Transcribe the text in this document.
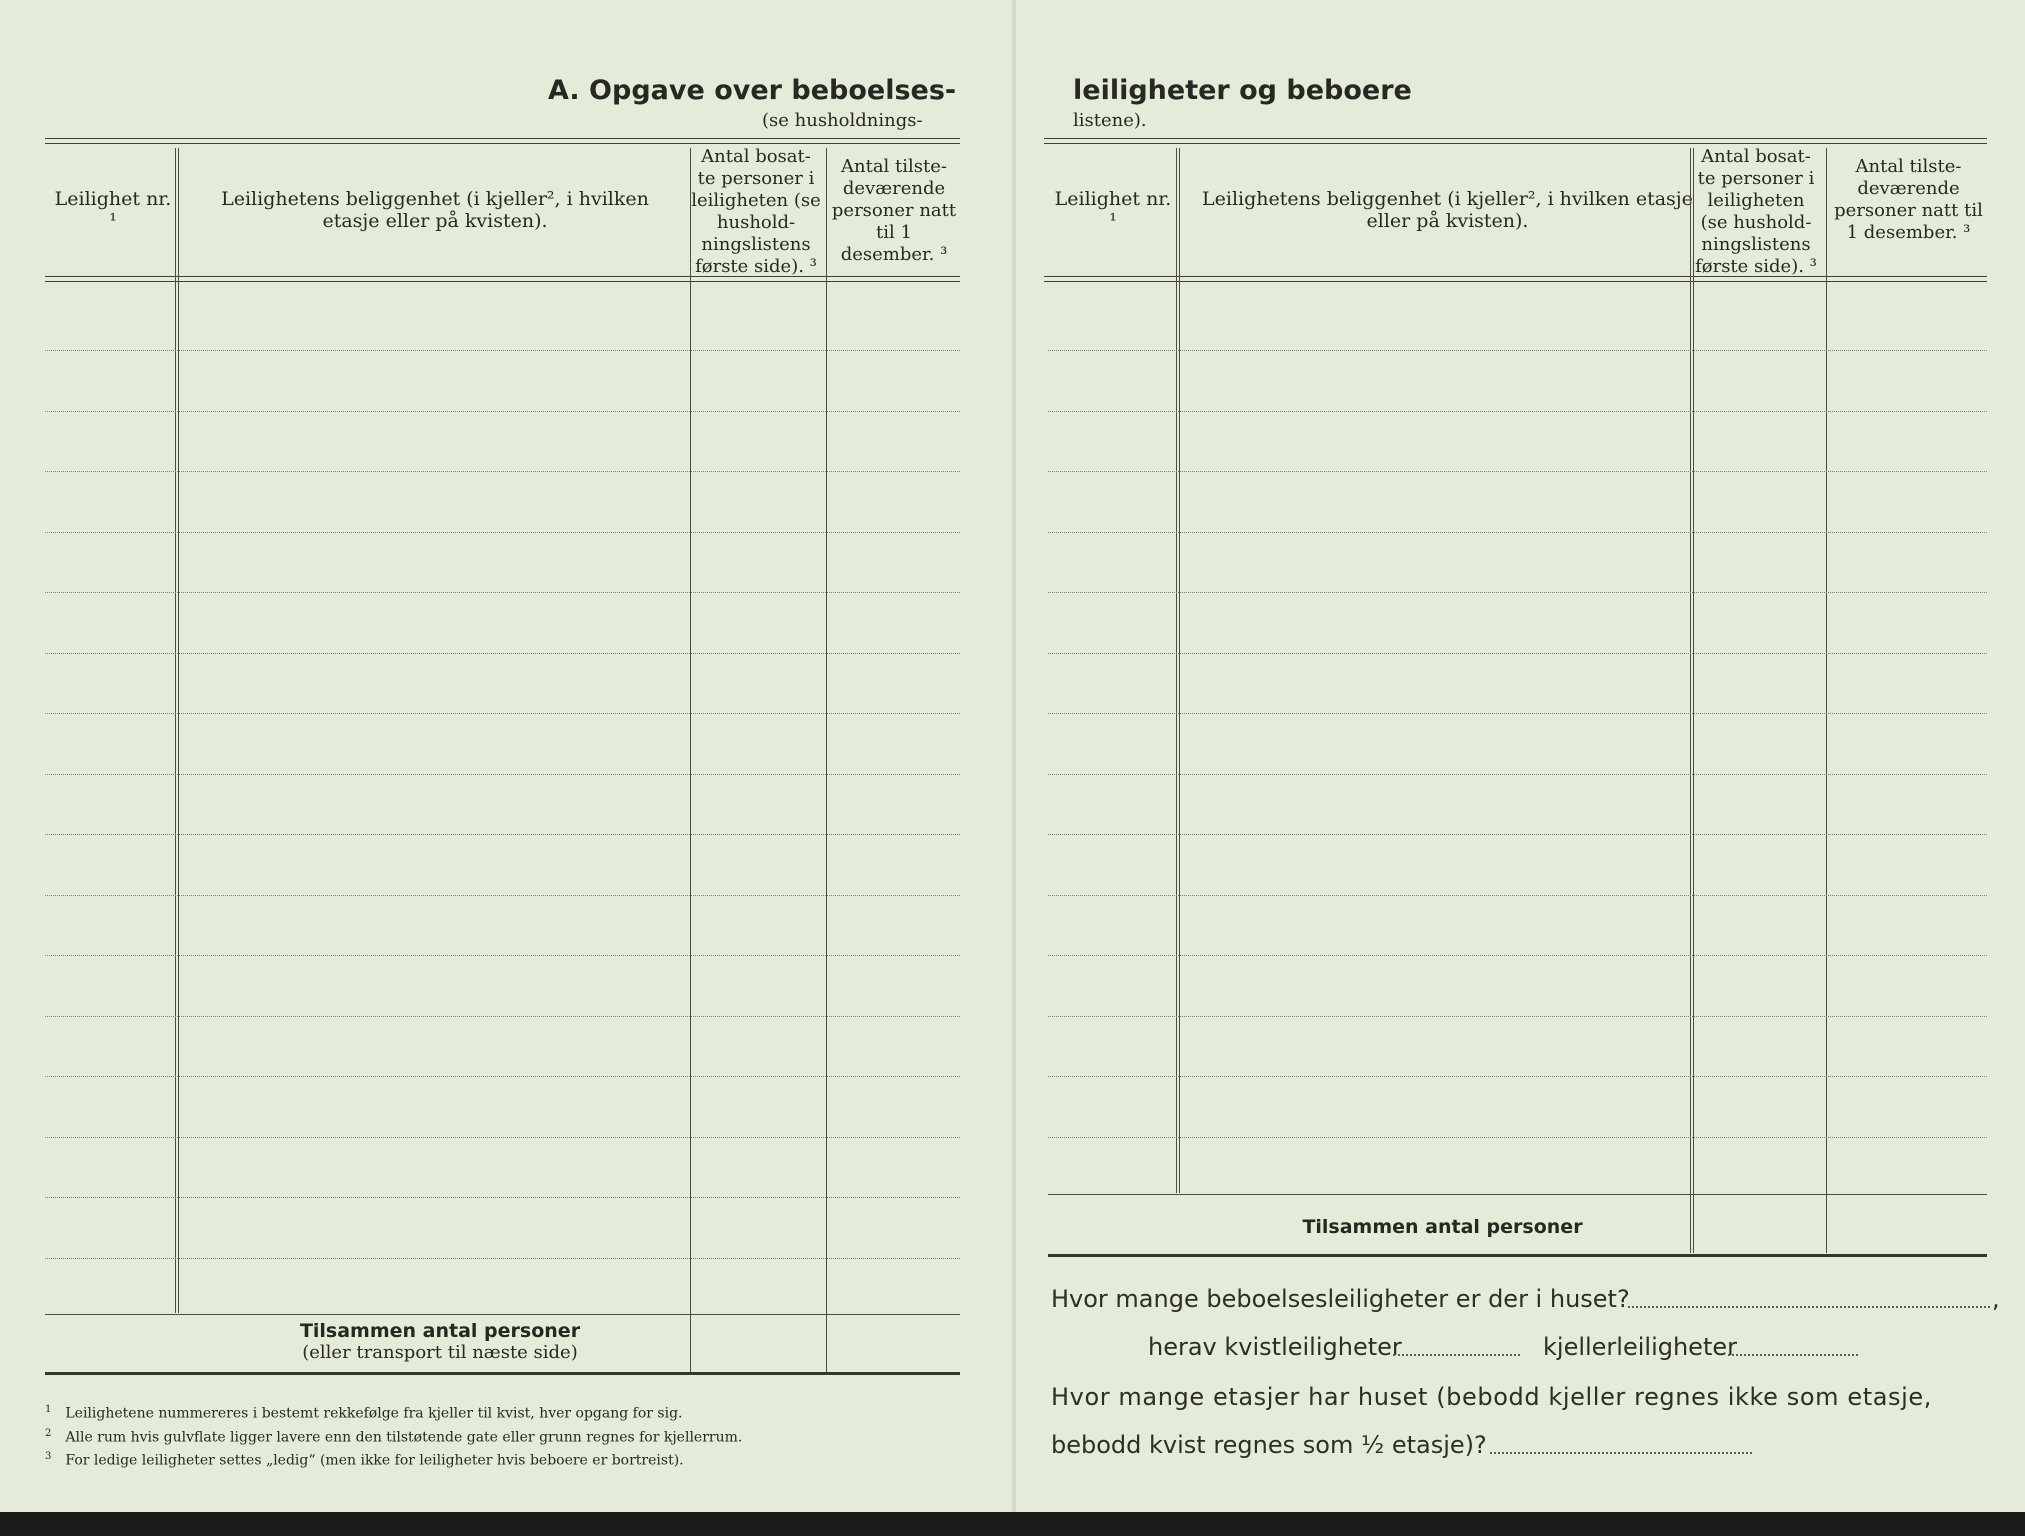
A. Opgave over beboelses-
(se husholdnings-
Leilighet nr. ¹
Leilighetens beliggenhet (i kjeller², i hvilken etasje eller på kvisten).
Antal bosat- te personer i leiligheten (se hushold- ningslistens første side). ³
Antal tilste- deværende personer natt til 1 desember. ³
Tilsammen antal personer
(eller transport til næste side)
$^1$ Leilighetene nummereres i bestemt rekkefølge fra kjeller til kvist, hver opgang for sig.
$^2$ Alle rum hvis gulvflate ligger lavere enn den tilstøtende gate eller grunn regnes for kjellerrum.
$^3$ For ledige leiligheter settes „ledig“ (men ikke for leiligheter hvis beboere er bortreist).
leiligheter og beboere
listene).
Leilighet nr. ¹
Leilighetens beliggenhet (i kjeller², i hvilken etasje eller på kvisten).
Antal bosat- te personer i leiligheten (se hushold- ningslistens første side). ³
Antal tilste- deværende personer natt til 1 desember. ³
Tilsammen antal personer
Hvor mange beboelsesleiligheter er der i huset?	,
herav kvistleiligheter	kjellerleiligheter
Hvor mange etasjer har huset (bebodd kjeller regnes ikke som etasje,
bebodd kvist regnes som ½ etasje)?
